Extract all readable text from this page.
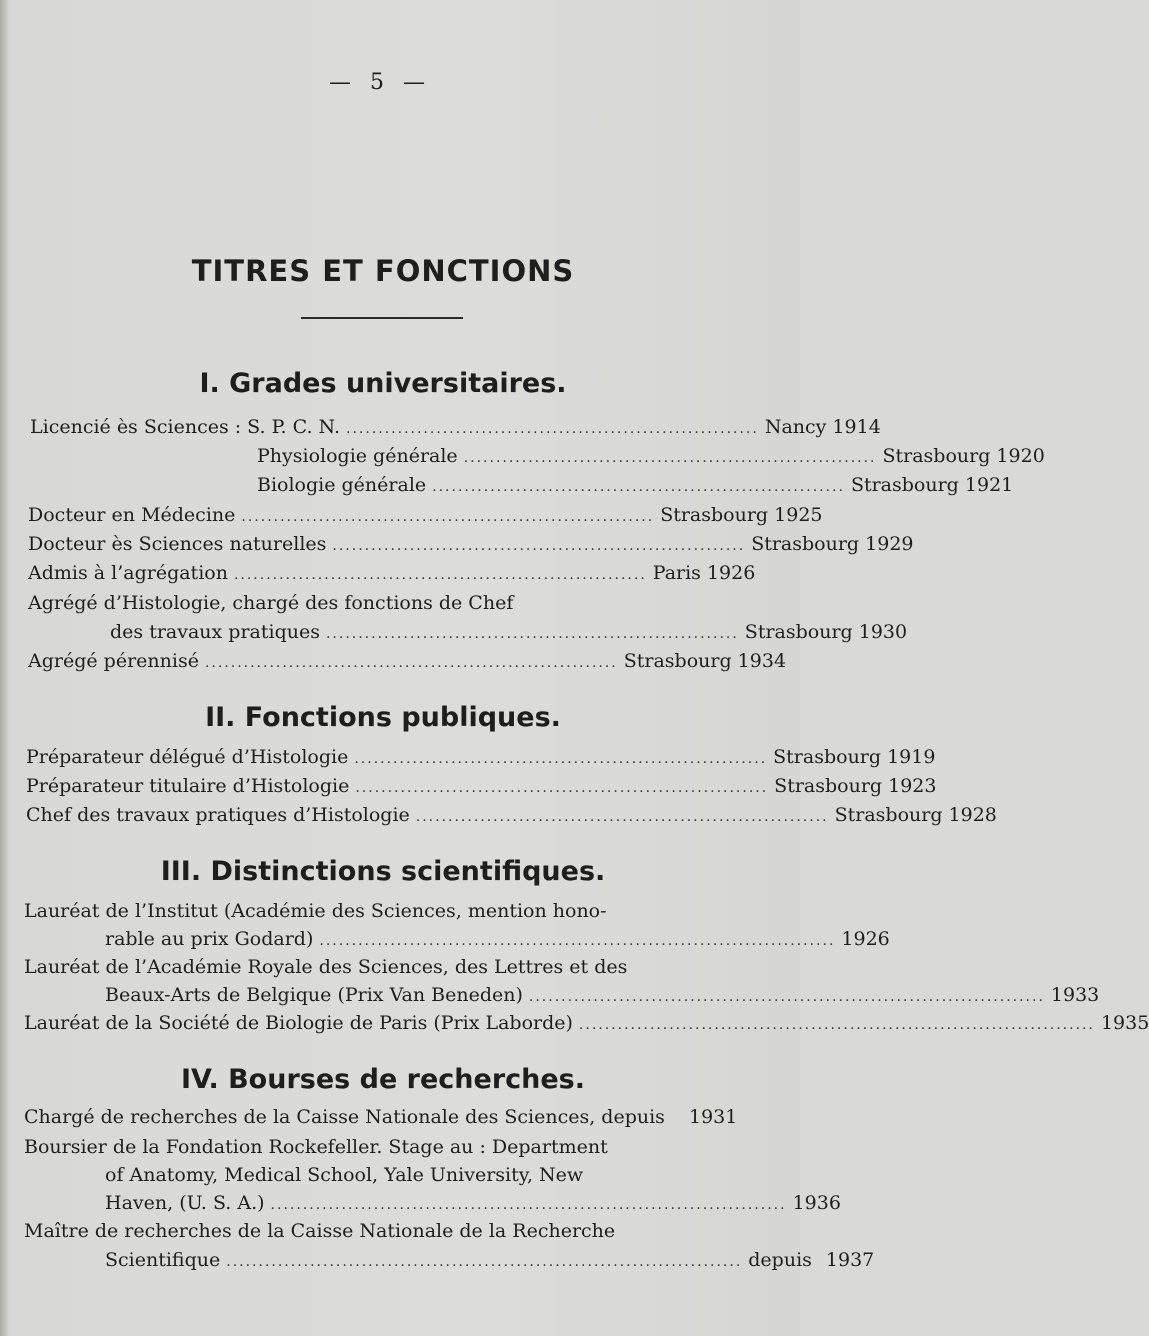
— 5 —
TITRES ET FONCTIONS
I. Grades universitaires.
Licencié ès Sciences : S. P. C. N. ................................................................ Nancy 1914
Physiologie générale ................................................................ Strasbourg 1920
Biologie générale ................................................................ Strasbourg 1921
Docteur en Médecine ................................................................ Strasbourg 1925
Docteur ès Sciences naturelles ................................................................ Strasbourg 1929
Admis à l’agrégation ................................................................ Paris 1926
Agrégé d’Histologie, chargé des fonctions de Chef
des travaux pratiques ................................................................ Strasbourg 1930
Agrégé pérennisé ................................................................ Strasbourg 1934
II. Fonctions publiques.
Préparateur délégué d’Histologie ................................................................ Strasbourg 1919
Préparateur titulaire d’Histologie ................................................................ Strasbourg 1923
Chef des travaux pratiques d’Histologie ................................................................ Strasbourg 1928
III. Distinctions scientifiques.
Lauréat de l’Institut (Académie des Sciences, mention hono-
rable au prix Godard) ................................................................................ 1926
Lauréat de l’Académie Royale des Sciences, des Lettres et des
Beaux-Arts de Belgique (Prix Van Beneden) ................................................................................ 1933
Lauréat de la Société de Biologie de Paris (Prix Laborde) ................................................................................ 1935
IV. Bourses de recherches.
Chargé de recherches de la Caisse Nationale des Sciences, depuis 1931
Boursier de la Fondation Rockefeller. Stage au : Department
of Anatomy, Medical School, Yale University, New
Haven, (U. S. A.) ................................................................................ 1936
Maître de recherches de la Caisse Nationale de la Recherche
Scientifique ................................................................................ depuis 1937
